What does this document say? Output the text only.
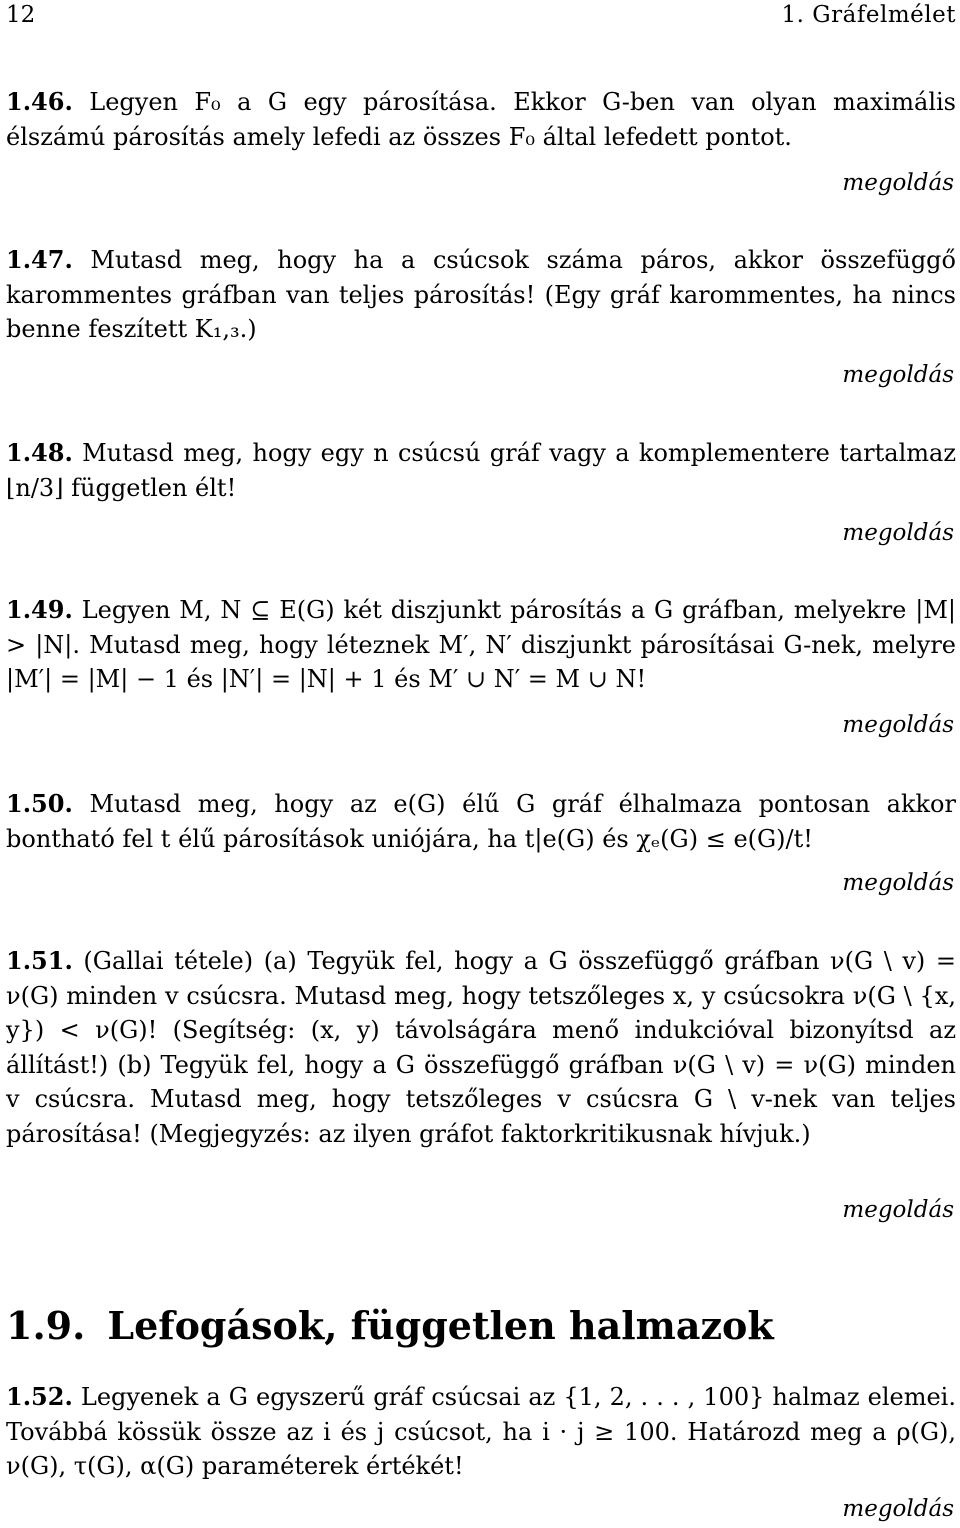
12	1. Gráfelmélet
1.46. Legyen F₀ a G egy párosítása. Ekkor G-ben van olyan maximális élszámú párosítás amely lefedi az összes F₀ által lefedett pontot.
megoldás
1.47. Mutasd meg, hogy ha a csúcsok száma páros, akkor összefüggő karommentes gráfban van teljes párosítás! (Egy gráf karommentes, ha nincs benne feszített K₁,₃.)
megoldás
1.48. Mutasd meg, hogy egy n csúcsú gráf vagy a komplementere tartalmaz ⌊n/3⌋ független élt!
megoldás
1.49. Legyen M, N ⊆ E(G) két diszjunkt párosítás a G gráfban, melyekre |M| > |N|. Mutasd meg, hogy léteznek M′, N′ diszjunkt párosításai G-nek, melyre |M′| = |M| − 1 és |N′| = |N| + 1 és M′ ∪ N′ = M ∪ N!
megoldás
1.50. Mutasd meg, hogy az e(G) élű G gráf élhalmaza pontosan akkor bontható fel t élű párosítások uniójára, ha t|e(G) és χₑ(G) ≤ e(G)/t!
megoldás
1.51. (Gallai tétele) (a) Tegyük fel, hogy a G összefüggő gráfban ν(G \ v) = ν(G) minden v csúcsra. Mutasd meg, hogy tetszőleges x, y csúcsokra ν(G \ {x, y}) < ν(G)! (Segítség: (x, y) távolságára menő indukcióval bizonyítsd az állítást!) (b) Tegyük fel, hogy a G összefüggő gráfban ν(G \ v) = ν(G) minden v csúcsra. Mutasd meg, hogy tetszőleges v csúcsra G \ v-nek van teljes párosítása! (Megjegyzés: az ilyen gráfot faktorkritikusnak hívjuk.)
megoldás
1.9. Lefogások, független halmazok
1.52. Legyenek a G egyszerű gráf csúcsai az {1, 2, . . . , 100} halmaz elemei. Továbbá kössük össze az i és j csúcsot, ha i · j ≥ 100. Határozd meg a ρ(G), ν(G), τ(G), α(G) paraméterek értékét!
megoldás
